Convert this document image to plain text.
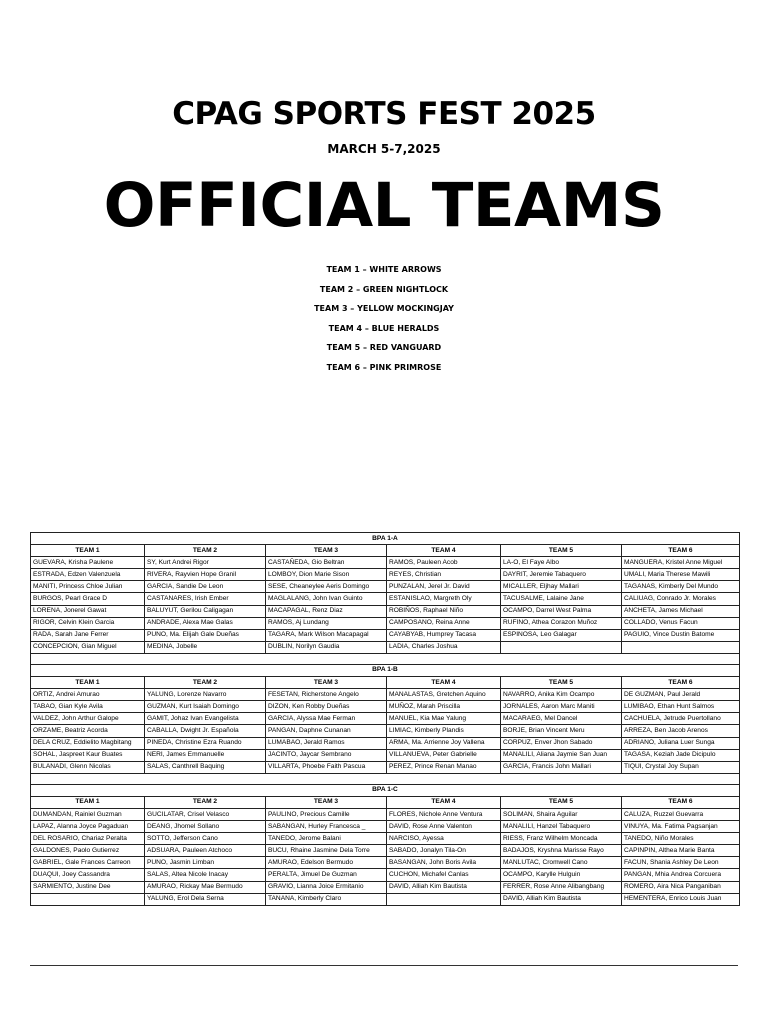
CPAG SPORTS FEST 2025
MARCH 5-7,2025
OFFICIAL TEAMS
TEAM 1 – WHITE ARROWS
TEAM 2 – GREEN NIGHTLOCK
TEAM 3 – YELLOW MOCKINGJAY
TEAM 4 – BLUE HERALDS
TEAM 5 – RED VANGUARD
TEAM 6 – PINK PRIMROSE
BPA 1-A					
TEAM 1	TEAM 2	TEAM 3	TEAM 4	TEAM 5	TEAM 6
GUEVARA, Krisha Paulene	SY, Kurt Andrei Rigor	CASTAÑEDA, Gio Beltran	RAMOS, Pauleen Acob	LA-O, El Faye Albo	MANGUERA, Kristel Anne Miguel
ESTRADA, Edzen Valenzuela	RIVERA, Rayvien Hope Granil	LOMBOY, Dion Marie Sison	REYES, Christian	DAYRIT, Jeremie Tabaquero	UMALI, Maria Therese Mawili
MANITI, Princess Chloe Julian	GARCIA, Sandie De Leon	SESE, Cheaneylee Aeris Domingo	PUNZALAN, Jerel Jr. David	MICALLER, Eljhay Mallari	TAGANAS, Kimberly Del Mundo
BURGOS, Pearl Grace D	CASTANARES, Irish Ember	MAGLALANG, John Ivan Guinto	ESTANISLAO, Margreth Oly	TACUSALME, Lalaine Jane	CALIUAG, Conrado Jr. Morales
LORENA, Jonerel Gawat	BALUYUT, Gerilou Caligagan	MACAPAGAL, Renz Diaz	ROBIÑOS, Raphael Niño	OCAMPO, Darrel West Palma	ANCHETA, James Michael
RIGOR, Celvin Klein Garcia	ANDRADE, Alexa Mae Galas	RAMOS, Aj Lundang	CAMPOSANO, Reina Anne	RUFINO, Athea Corazon Muñoz	COLLADO, Venus Facun
RADA, Sarah Jane Ferrer	PUNO, Ma. Elijah Gale Dueñas	TAGARA, Mark Wilson Macapagal	CAYABYAB, Humprey Tacasa	ESPINOSA, Leo Galagar	PAGUIO, Vince Dustin Batome
CONCEPCION, Gian Miguel	MEDINA, Jobelle	DUBLIN, Norilyn Gaudia	LADIA, Charles Joshua		

BPA 1-B					
TEAM 1	TEAM 2	TEAM 3	TEAM 4	TEAM 5	TEAM 6
ORTIZ, Andrei Amurao	YALUNG, Lorenze Navarro	FESETAN, Richerstone Angelo	MANALASTAS, Gretchen Aquino	NAVARRO, Anika Kim Ocampo	DE GUZMAN, Paul Jerald
TABAO, Gian Kyle Avila	GUZMAN, Kurt Isaiah Domingo	DIZON, Ken Robby Dueñas	MUÑOZ, Marah Priscilla	JORNALES, Aaron Marc Maniti	LUMIBAO, Ethan Hunt Salmos
VALDEZ, John Arthur Galope	GAMIT, Johaz Ivan Evangelista	GARCIA, Alyssa Mae Ferman	MANUEL, Kia Mae Yalung	MACARAEG, Mel Dancel	CACHUELA, Jetrude Puertollano
ORZAME, Beatriz Acorda	CABALLA, Dwight Jr. Española	PANGAN, Daphne Cunanan	LIMIAC, Kimberly Plandis	BORJE, Brian Vincent Meru	ARREZA, Ben Jacob Arenos
DELA CRUZ, Eddielito Magbitang	PINEDA, Christine Ezra Ruando	LUMABAO, Jerald Ramos	ARMA, Ma. Arrienne Joy Vallena	CORPUZ, Enver Jhon Sabado	ADRIANO, Juliana Luer Sunga
SOHAL, Jaspreet Kaur Buates	NERI, James Emmanuelle	JACINTO, Jaycar Sembrano	VILLANUEVA, Peter Gabrielle	MANALILI, Aliana Jaymie San Juan	TAGASA, Keziah Jade Dicipulo
BULANADI, Glenn Nicolas	SALAS, Canthrell Baquing	VILLARTA, Phoebe Faith Pascua	PEREZ, Prince Renan Manao	GARCIA, Francis John Mallari	TIQUI, Crystal Joy Supan

BPA 1-C					
TEAM 1	TEAM 2	TEAM 3	TEAM 4	TEAM 5	TEAM 6
DUMANDAN, Rainiel Guzman	GUCILATAR, Crisel Velasco	PAULINO, Precious Camille	FLORES, Nichole Anne Ventura	SOLIMAN, Shaira Aguilar	CALUZA, Ruzzel Guevarra
LAPAZ, Alanna Joyce Pagaduan	DEANG, Jhomel Sollano	SABANGAN, Hurley Francesca _	DAVID, Rose Anne Valenton	MANALILI, Hanzel Tabaquero	VINUYA, Ma. Fatima Pagsanjan
DEL ROSARIO, Chariaz Peralta	SOTTO, Jefferson Cano	TANEDO, Jerome Balani	NARCISO, Ayessa	RIESS, Franz Wilhelm Moncada	TANEDO, Niño Morales
GALDONES, Paolo Gutierrez	ADSUARA, Pauleen Atchoco	BUCU, Rhaine Jasmine Dela Torre	SABADO, Jonalyn Tila-On	BADAJOS, Kryshna Marisse Rayo	CAPINPIN, Althea Marie Banta
GABRIEL, Gale Frances Carreon	PUNO, Jasmin Limban	AMURAO, Edelson Bermudo	BASANGAN, John Boris Avila	MANLUTAC, Cromwell Cano	FACUN, Shania Ashley De Leon
DUAQUI, Joey Cassandra	SALAS, Altea Nicole Inacay	PERALTA, Jimuel De Guzman	CUCHON, Michafel Canlas	OCAMPO, Karylle Hulguin	PANGAN, Mhia Andrea Corcuera
SARMIENTO, Justine Dee	AMURAO, Rickay Mae Bermudo	GRAVIO, Lianna Joice Ermitanio	DAVID, Alliah Kim Bautista	FERRER, Rose Anne Alibangbang	ROMERO, Aira Nica Panganiban
	YALUNG, Erol Dela Serna	TANANA, Kimberly Claro		DAVID, Alliah Kim Bautista	HEMENTERA, Enrico Louis Juan
